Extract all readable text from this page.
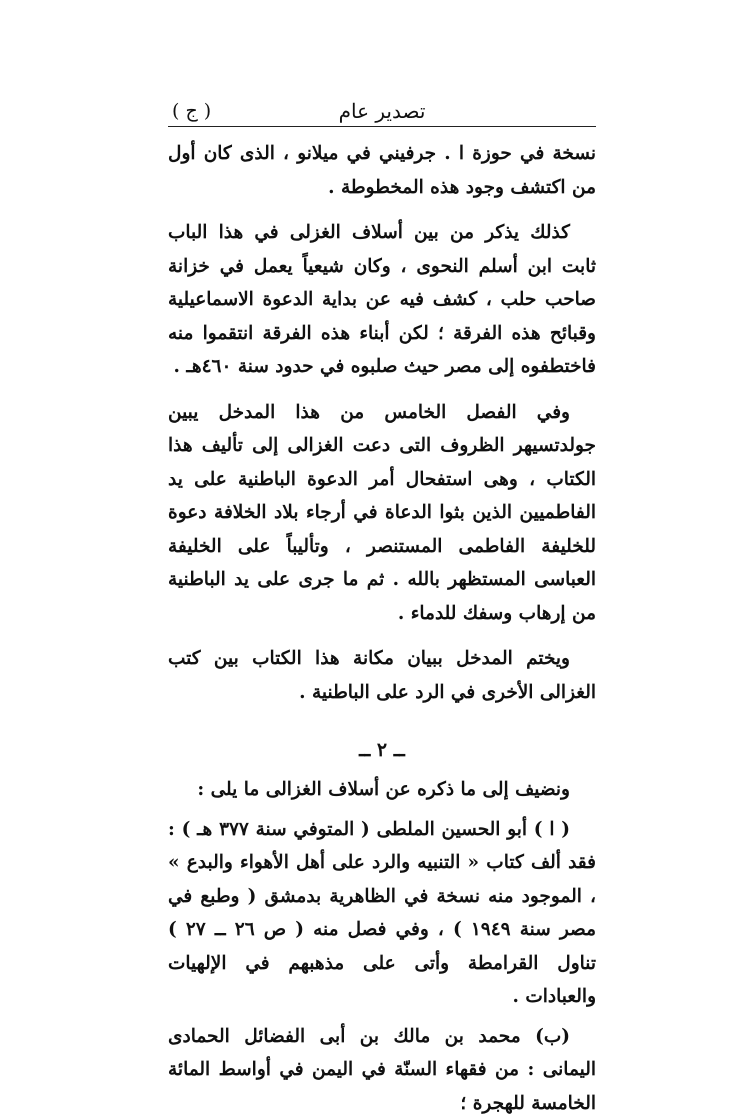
تصدير عام
( ج )

نسخة في حوزة ا . جرفيني في ميلانو ، الذى كان أول من اكتشف وجود هذه المخطوطة .

كذلك يذكر من بين أسلاف الغزلى في هذا الباب ثابت ابن أسلم النحوى ، وكان شيعياً يعمل في خزانة صاحب حلب ، كشف فيه عن بداية الدعوة الاسماعيلية وقبائح هذه الفرقة ؛ لكن أبناء هذه الفرقة انتقموا منه فاختطفوه إلى مصر حيث صلبوه في حدود سنة ٤٦٠هـ .

وفي الفصل الخامس من هذا المدخل يبين جولدتسيهر الظروف التى دعت الغزالى إلى تأليف هذا الكتاب ، وهى استفحال أمر الدعوة الباطنية على يد الفاطميين الذين بثوا الدعاة في أرجاء بلاد الخلافة دعوة للخليفة الفاطمى المستنصر ، وتأليباً على الخليفة العباسى المستظهر بالله . ثم ما جرى على يد الباطنية من إرهاب وسفك للدماء .

ويختم المدخل ببيان مكانة هذا الكتاب بين كتب الغزالى الأخرى في الرد على الباطنية .

ــ ٢ ــ

ونضيف إلى ما ذكره عن أسلاف الغزالى ما يلى :

( ا ) أبو الحسين الملطى ( المتوفي سنة ٣٧٧ هـ ) : فقد ألف كتاب « التنبيه والرد على أهل الأهواء والبدع » ، الموجود منه نسخة في الظاهرية بدمشق ( وطبع في مصر سنة ١٩٤٩ ) ، وفي فصل منه ( ص ٢٦ ــ ٢٧ ) تناول القرامطة وأتى على مذهبهم في الإلهيات والعبادات .

(ب) محمد بن مالك بن أبى الفضائل الحمادى اليمانى : من فقهاء السنّة في اليمن في أواسط المائة الخامسة للهجرة ؛
